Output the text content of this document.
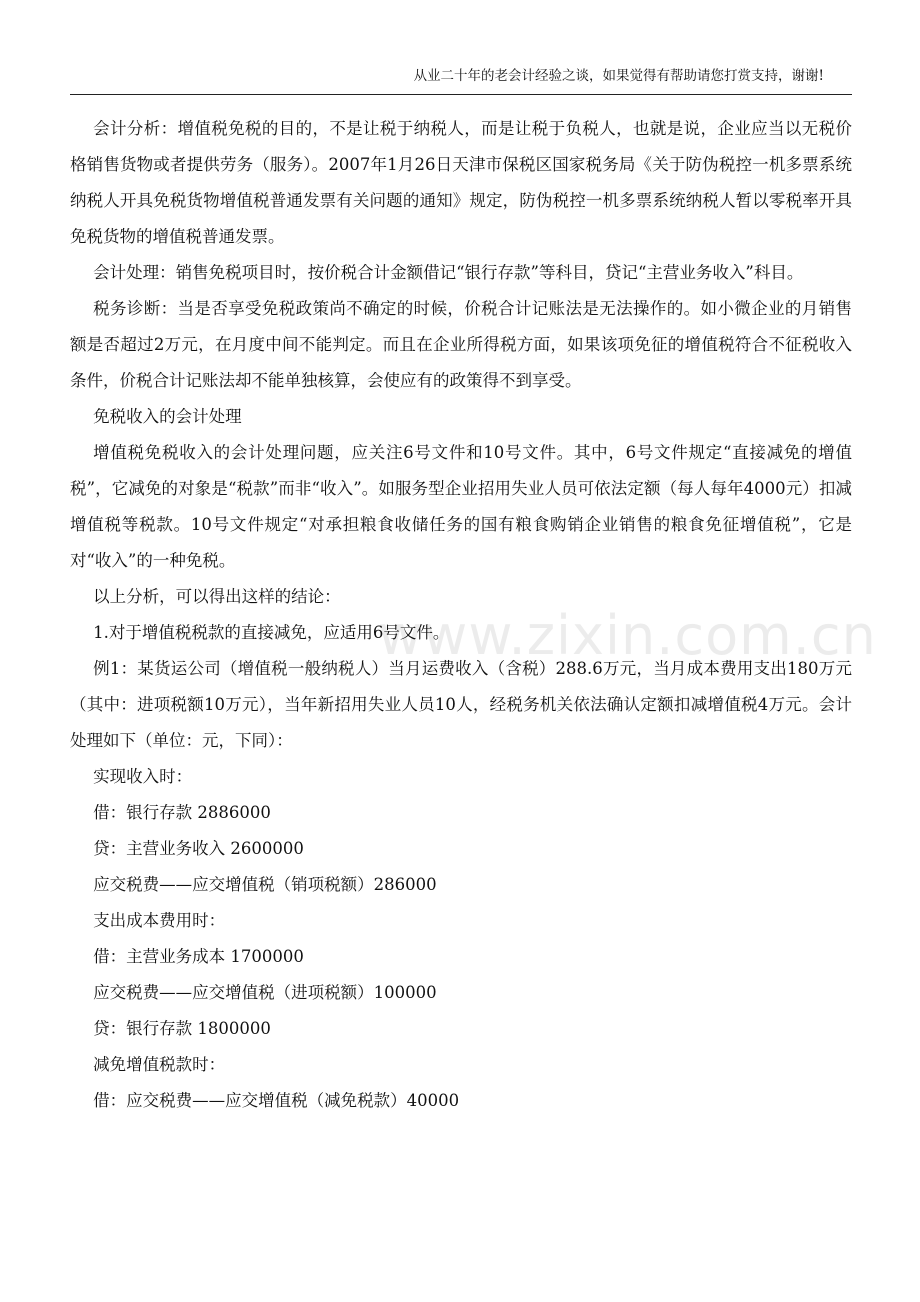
从业二十年的老会计经验之谈，如果觉得有帮助请您打赏支持，谢谢!
www.zixin.com.cn

会计分析：增值税免税的目的，不是让税于纳税人，而是让税于负税人，也就是说，企业应当以无税价格销售货物或者提供劳务（服务）。2007年1月26日天津市保税区国家税务局《关于防伪税控一机多票系统纳税人开具免税货物增值税普通发票有关问题的通知》规定，防伪税控一机多票系统纳税人暂以零税率开具免税货物的增值税普通发票。

会计处理：销售免税项目时，按价税合计金额借记“银行存款”等科目，贷记“主营业务收入”科目。

税务诊断：当是否享受免税政策尚不确定的时候，价税合计记账法是无法操作的。如小微企业的月销售额是否超过2万元，在月度中间不能判定。而且在企业所得税方面，如果该项免征的增值税符合不征税收入条件，价税合计记账法却不能单独核算，会使应有的政策得不到享受。

免税收入的会计处理

增值税免税收入的会计处理问题，应关注6号文件和10号文件。其中，6号文件规定“直接减免的增值税”，它减免的对象是“税款”而非“收入”。如服务型企业招用失业人员可依法定额（每人每年4000元）扣减增值税等税款。10号文件规定“对承担粮食收储任务的国有粮食购销企业销售的粮食免征增值税”，它是对“收入”的一种免税。

以上分析，可以得出这样的结论：

1.对于增值税税款的直接减免，应适用6号文件。

例1：某货运公司（增值税一般纳税人）当月运费收入（含税）288.6万元，当月成本费用支出180万元（其中：进项税额10万元），当年新招用失业人员10人，经税务机关依法确认定额扣减增值税4万元。会计处理如下（单位：元，下同）：

实现收入时：

借：银行存款 2886000

贷：主营业务收入 2600000

应交税费——应交增值税（销项税额）286000

支出成本费用时：

借：主营业务成本 1700000

应交税费——应交增值税（进项税额）100000

贷：银行存款 1800000

减免增值税款时：

借：应交税费——应交增值税（减免税款）40000
